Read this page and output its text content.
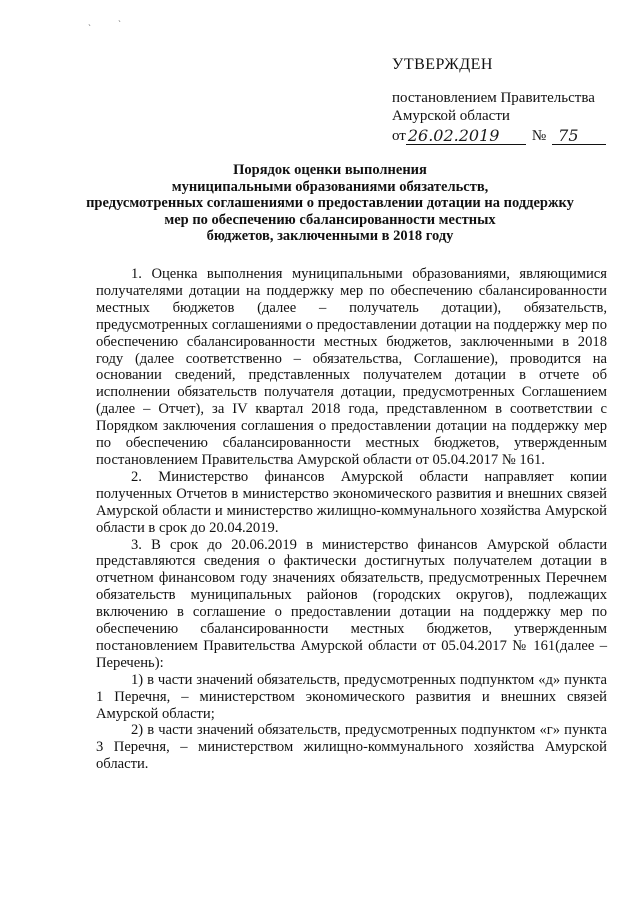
ˏ	ˎ
УТВЕРЖДЕН
постановлением Правительства
Амурской области
от 26.02.2019	№ 75
Порядок оценки выполнения
муниципальными образованиями обязательств,
предусмотренных соглашениями о предоставлении дотации на поддержку
мер по обеспечению сбалансированности местных
бюджетов, заключенными в 2018 году

1. Оценка выполнения муниципальными образованиями, являющимися получателями дотации на поддержку мер по обеспечению сбалансированности местных бюджетов (далее – получатель дотации), обязательств, предусмотренных соглашениями о предоставлении дотации на поддержку мер по обеспечению сбалансированности местных бюджетов, заключенными в 2018 году (далее соответственно – обязательства, Соглашение), проводится на основании сведений, представленных получателем дотации в отчете об исполнении обязательств получателя дотации, предусмотренных Соглашением (далее – Отчет), за IV квартал 2018 года, представленном в соответствии с Порядком заключения соглашения о предоставлении дотации на поддержку мер по обеспечению сбалансированности местных бюджетов, утвержденным постановлением Правительства Амурской области от 05.04.2017 № 161.

2. Министерство финансов Амурской области направляет копии полученных Отчетов в министерство экономического развития и внешних связей Амурской области и министерство жилищно-коммунального хозяйства Амурской области в срок до 20.04.2019.

3. В срок до 20.06.2019 в министерство финансов Амурской области представляются сведения о фактически достигнутых получателем дотации в отчетном финансовом году значениях обязательств, предусмотренных Перечнем обязательств муниципальных районов (городских округов), подлежащих включению в соглашение о предоставлении дотации на поддержку мер по обеспечению сбалансированности местных бюджетов, утвержденным постановлением Правительства Амурской области от 05.04.2017 № 161(далее – Перечень):

1) в части значений обязательств, предусмотренных подпунктом «д» пункта 1 Перечня, – министерством экономического развития и внешних связей Амурской области;

2) в части значений обязательств, предусмотренных подпунктом «г» пункта 3 Перечня, – министерством жилищно-коммунального хозяйства Амурской области.
